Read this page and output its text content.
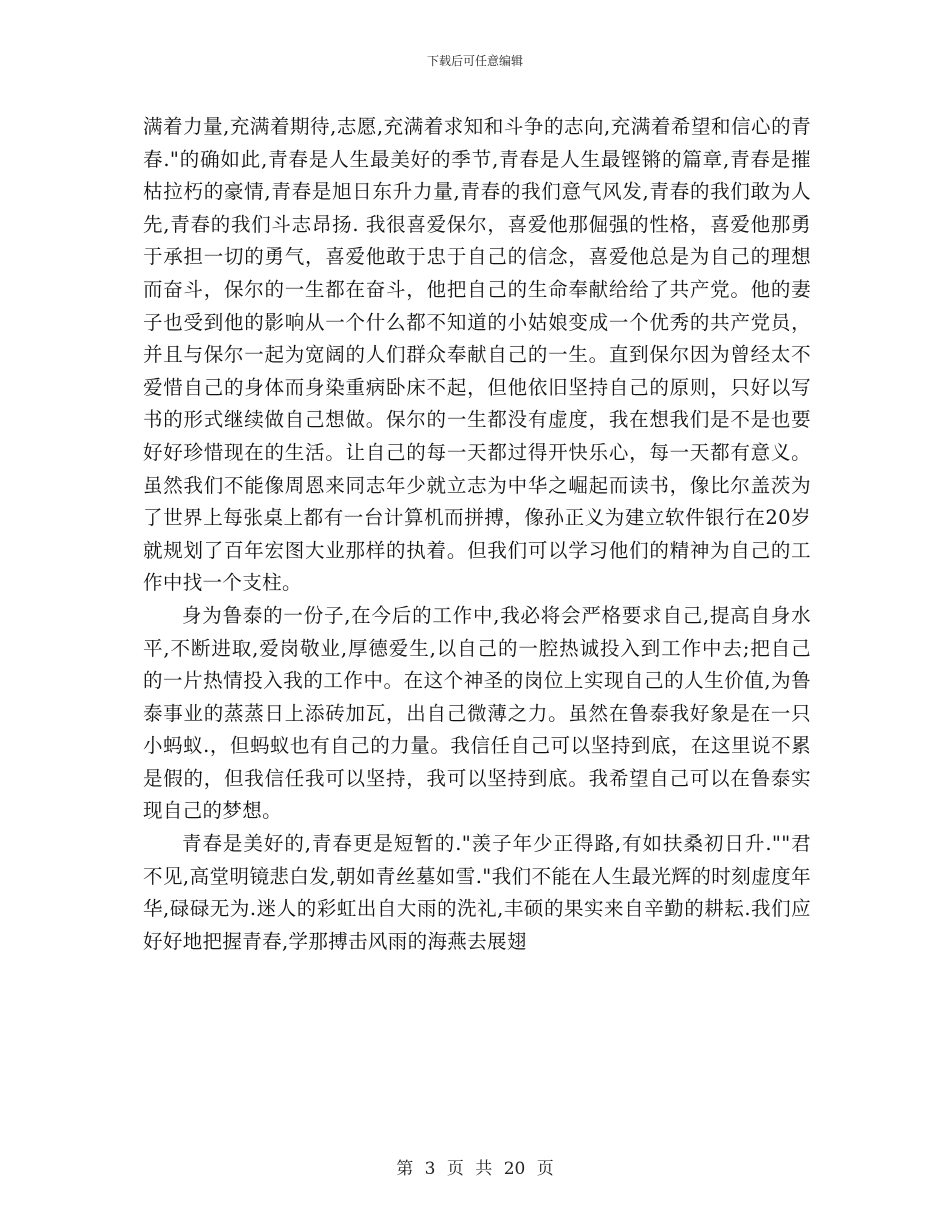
下载后可任意编辑

满着力量,充满着期待,志愿,充满着求知和斗争的志向,充满着希望和信心的青春."的确如此,青春是人生最美好的季节,青春是人生最铿锵的篇章,青春是摧枯拉朽的豪情,青春是旭日东升力量,青春的我们意气风发,青春的我们敢为人先,青春的我们斗志昂扬. 我很喜爱保尔，喜爱他那倔强的性格，喜爱他那勇于承担一切的勇气，喜爱他敢于忠于自己的信念，喜爱他总是为自己的理想而奋斗，保尔的一生都在奋斗，他把自己的生命奉献给给了共产党。他的妻子也受到他的影响从一个什么都不知道的小姑娘变成一个优秀的共产党员，并且与保尔一起为宽阔的人们群众奉献自己的一生。直到保尔因为曾经太不爱惜自己的身体而身染重病卧床不起，但他依旧坚持自己的原则，只好以写书的形式继续做自己想做。保尔的一生都没有虚度，我在想我们是不是也要好好珍惜现在的生活。让自己的每一天都过得开快乐心，每一天都有意义。虽然我们不能像周恩来同志年少就立志为中华之崛起而读书，像比尔盖茨为了世界上每张桌上都有一台计算机而拼搏，像孙正义为建立软件银行在20岁就规划了百年宏图大业那样的执着。但我们可以学习他们的精神为自己的工作中找一个支柱。

身为鲁泰的一份子,在今后的工作中,我必将会严格要求自己,提高自身水平,不断进取,爱岗敬业,厚德爱生,以自己的一腔热诚投入到工作中去;把自己的一片热情投入我的工作中。在这个神圣的岗位上实现自己的人生价值,为鲁泰事业的蒸蒸日上添砖加瓦，出自己微薄之力。虽然在鲁泰我好象是在一只小蚂蚁.，但蚂蚁也有自己的力量。我信任自己可以坚持到底，在这里说不累是假的，但我信任我可以坚持，我可以坚持到底。我希望自己可以在鲁泰实现自己的梦想。

青春是美好的,青春更是短暂的."羡子年少正得路,有如扶桑初日升.""君不见,高堂明镜悲白发,朝如青丝墓如雪."我们不能在人生最光辉的时刻虚度年华,碌碌无为.迷人的彩虹出自大雨的洗礼,丰硕的果实来自辛勤的耕耘.我们应好好地把握青春,学那搏击风雨的海燕去展翅

第 3 页 共 20 页
